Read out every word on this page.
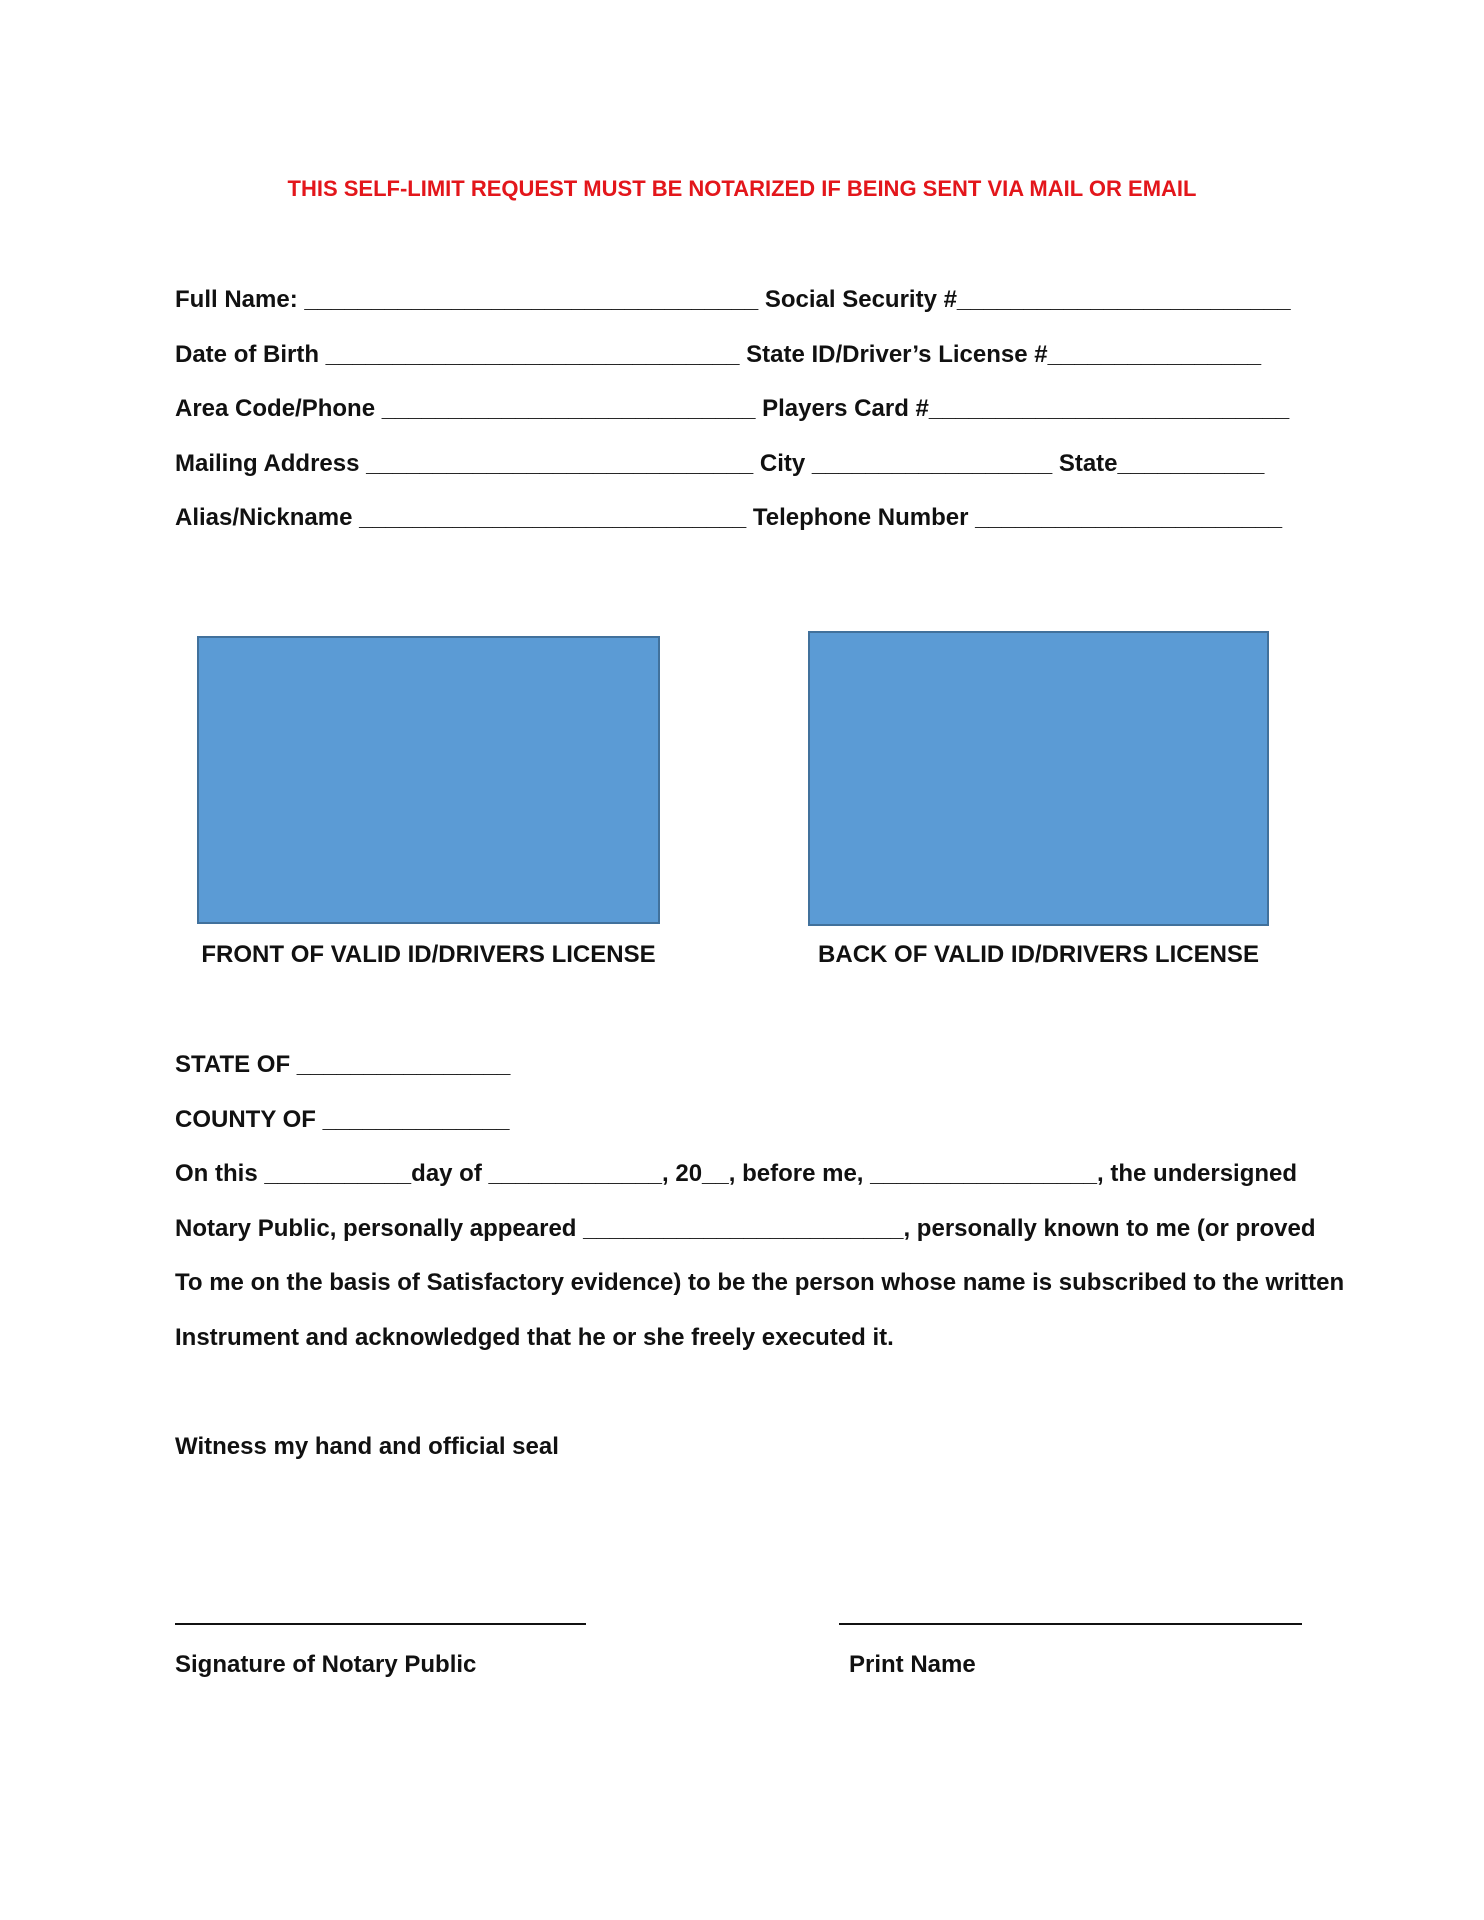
THIS SELF-LIMIT REQUEST MUST BE NOTARIZED IF BEING SENT VIA MAIL OR EMAIL
Full Name: __________________________________ Social Security #_________________________
Date of Birth _______________________________ State ID/Driver’s License #________________
Area Code/Phone ____________________________ Players Card #___________________________
Mailing Address _____________________________ City __________________ State___________
Alias/Nickname _____________________________ Telephone Number _______________________
FRONT OF VALID ID/DRIVERS LICENSE	BACK OF VALID ID/DRIVERS LICENSE
STATE OF ________________
COUNTY OF ______________
On this ___________day of _____________, 20__, before me, _________________, the undersigned
Notary Public, personally appeared ________________________, personally known to me (or proved
To me on the basis of Satisfactory evidence) to be the person whose name is subscribed to the written
Instrument and acknowledged that he or she freely executed it.
Witness my hand and official seal
Signature of Notary Public	Print Name
